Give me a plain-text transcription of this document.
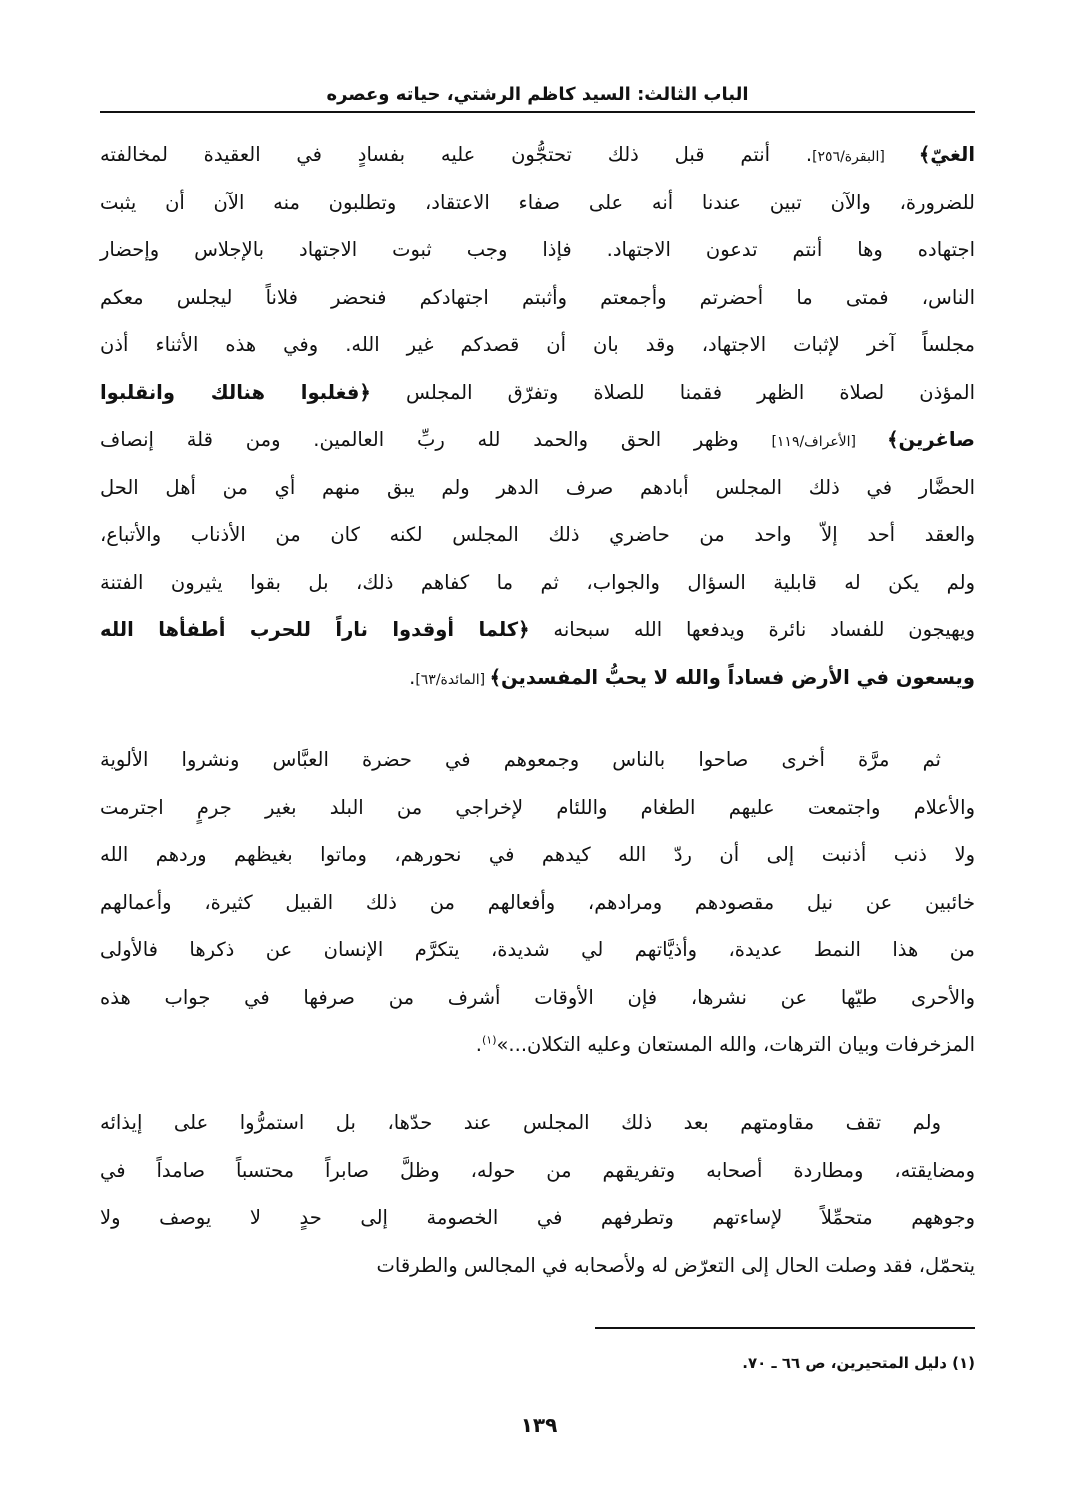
الباب الثالث: السيد كاظم الرشتي، حياته وعصره
الغيّ﴾ [البقرة/٢٥٦]. أنتم قبل ذلك تحتجُّون عليه بفسادٍ في العقيدة لمخالفته
للضرورة، والآن تبين عندنا أنه على صفاء الاعتقاد، وتطلبون منه الآن أن يثبت
اجتهاده وها أنتم تدعون الاجتهاد. فإذا وجب ثبوت الاجتهاد بالإجلاس وإحضار
الناس، فمتى ما أحضرتم وأجمعتم وأثبتم اجتهادكم فنحضر فلاناً ليجلس معكم
مجلساً آخر لإثبات الاجتهاد، وقد بان أن قصدكم غير الله. وفي هذه الأثناء أذن
المؤذن لصلاة الظهر فقمنا للصلاة وتفرّق المجلس ﴿فغلبوا هنالك وانقلبوا
صاغرين﴾ [الأعراف/١١٩] وظهر الحق والحمد لله ربِّ العالمين. ومن قلة إنصاف
الحضَّار في ذلك المجلس أبادهم صرف الدهر ولم يبق منهم أي من أهل الحل
والعقد أحد إلاّ واحد من حاضري ذلك المجلس لكنه كان من الأذناب والأتباع،
ولم يكن له قابلية السؤال والجواب، ثم ما كفاهم ذلك، بل بقوا يثيرون الفتنة
ويهيجون للفساد نائرة ويدفعها الله سبحانه ﴿كلما أوقدوا ناراً للحرب أطفأها الله
ويسعون في الأرض فساداً والله لا يحبُّ المفسدين﴾ [المائدة/٦٣].
ثم مرَّة أخرى صاحوا بالناس وجمعوهم في حضرة العبَّاس ونشروا الألوية
والأعلام واجتمعت عليهم الطغام واللئام لإخراجي من البلد بغير جرمٍ اجترمت
ولا ذنب أذنبت إلى أن ردّ الله كيدهم في نحورهم، وماتوا بغيظهم وردهم الله
خائبين عن نيل مقصودهم ومرادهم، وأفعالهم من ذلك القبيل كثيرة، وأعمالهم
من هذا النمط عديدة، وأذيَّاتهم لي شديدة، يتكرَّم الإنسان عن ذكرها فالأولى
والأحرى طيّها عن نشرها، فإن الأوقات أشرف من صرفها في جواب هذه
المزخرفات وبيان الترهات، والله المستعان وعليه التكلان...»$^{(١)}$.
ولم تقف مقاومتهم بعد ذلك المجلس عند حدّها، بل استمرُّوا على إيذائه
ومضايقته، ومطاردة أصحابه وتفريقهم من حوله، وظلَّ صابراً محتسباً صامداً في
وجوههم متحمِّلاً لإساءتهم وتطرفهم في الخصومة إلى حدٍ لا يوصف ولا
يتحمّل، فقد وصلت الحال إلى التعرّض له ولأصحابه في المجالس والطرقات
(١) دليل المتحيرين، ص ٦٦ ـ ٧٠.
١٣٩
